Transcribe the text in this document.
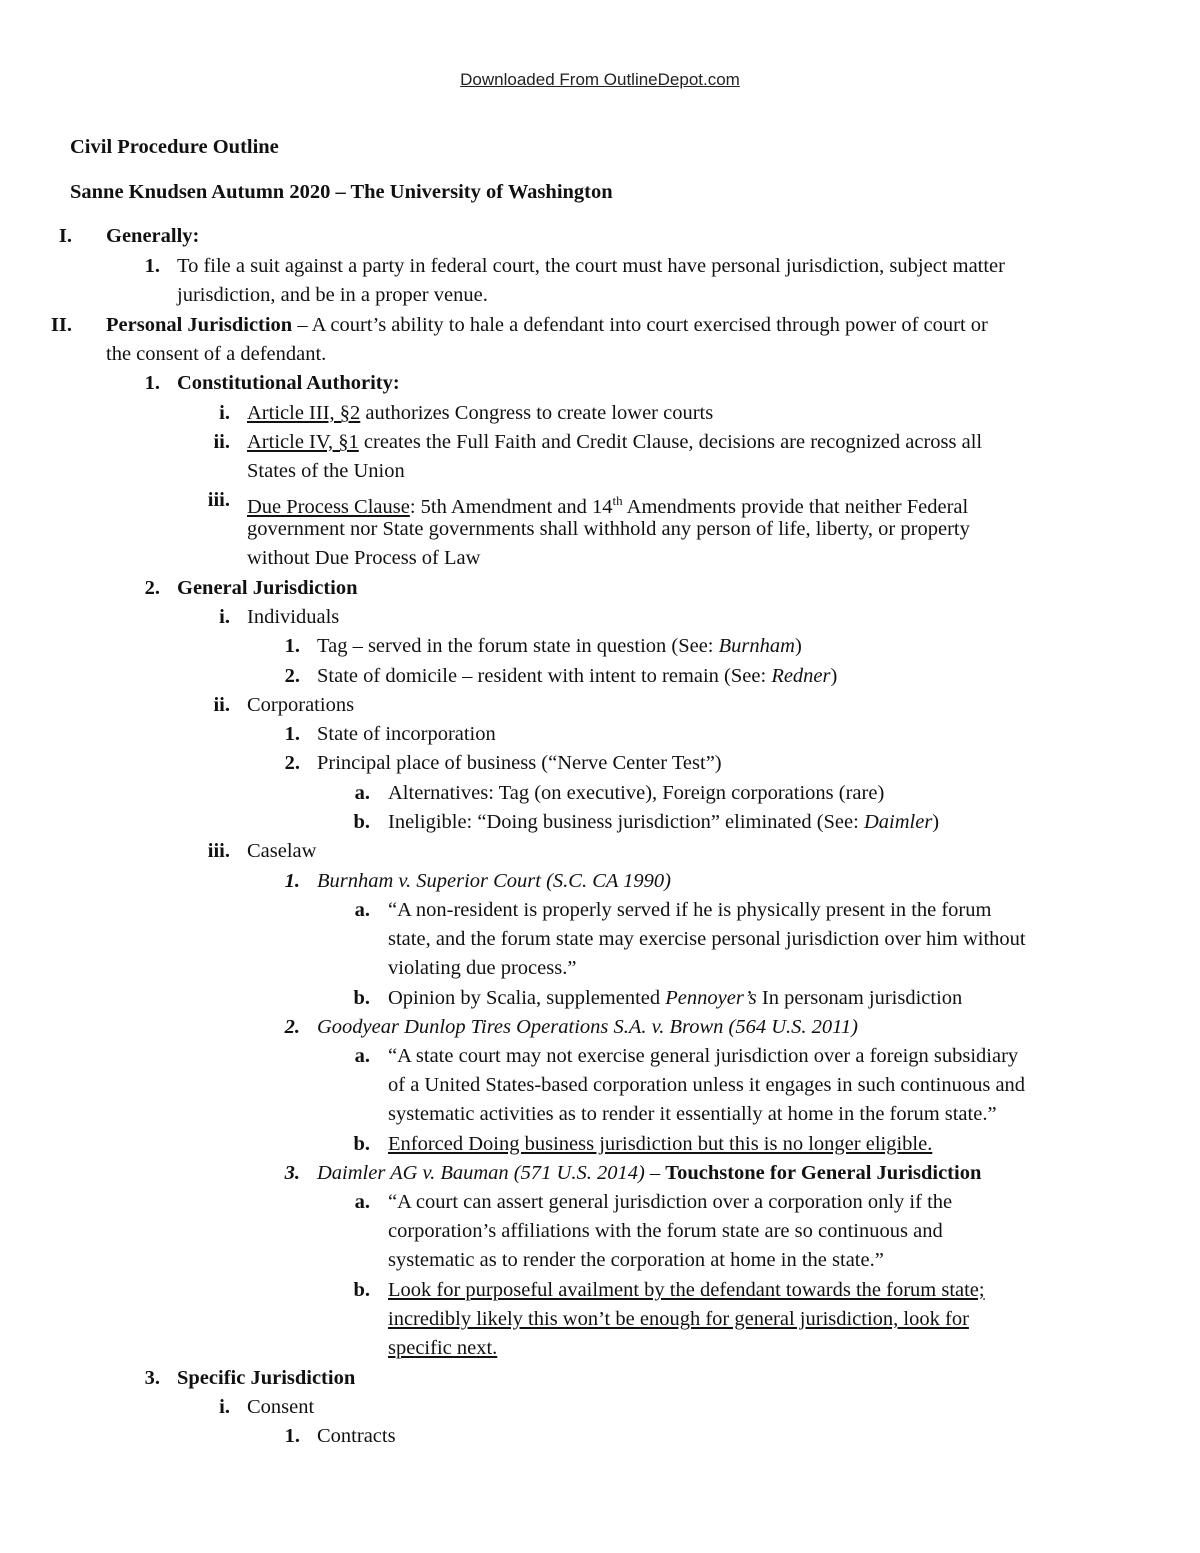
Downloaded From OutlineDepot.com
Civil Procedure Outline
Sanne Knudsen Autumn 2020 – The University of Washington
I. Generally:
1. To file a suit against a party in federal court, the court must have personal jurisdiction, subject matter
jurisdiction, and be in a proper venue.
II. Personal Jurisdiction – A court’s ability to hale a defendant into court exercised through power of court or
the consent of a defendant.
1. Constitutional Authority:
i. Article III, §2 authorizes Congress to create lower courts
ii. Article IV, §1 creates the Full Faith and Credit Clause, decisions are recognized across all
States of the Union
iii. Due Process Clause: 5th Amendment and 14th Amendments provide that neither Federal
government nor State governments shall withhold any person of life, liberty, or property
without Due Process of Law
2. General Jurisdiction
i. Individuals
1. Tag – served in the forum state in question (See: Burnham)
2. State of domicile – resident with intent to remain (See: Redner)
ii. Corporations
1. State of incorporation
2. Principal place of business (“Nerve Center Test”)
a. Alternatives: Tag (on executive), Foreign corporations (rare)
b. Ineligible: “Doing business jurisdiction” eliminated (See: Daimler)
iii. Caselaw
1. Burnham v. Superior Court (S.C. CA 1990)
a. “A non-resident is properly served if he is physically present in the forum
state, and the forum state may exercise personal jurisdiction over him without
violating due process.”
b. Opinion by Scalia, supplemented Pennoyer’s In personam jurisdiction
2. Goodyear Dunlop Tires Operations S.A. v. Brown (564 U.S. 2011)
a. “A state court may not exercise general jurisdiction over a foreign subsidiary
of a United States-based corporation unless it engages in such continuous and
systematic activities as to render it essentially at home in the forum state.”
b. Enforced Doing business jurisdiction but this is no longer eligible.
3. Daimler AG v. Bauman (571 U.S. 2014) – Touchstone for General Jurisdiction
a. “A court can assert general jurisdiction over a corporation only if the
corporation’s affiliations with the forum state are so continuous and
systematic as to render the corporation at home in the state.”
b. Look for purposeful availment by the defendant towards the forum state;
incredibly likely this won’t be enough for general jurisdiction, look for
specific next.
3. Specific Jurisdiction
i. Consent
1. Contracts
